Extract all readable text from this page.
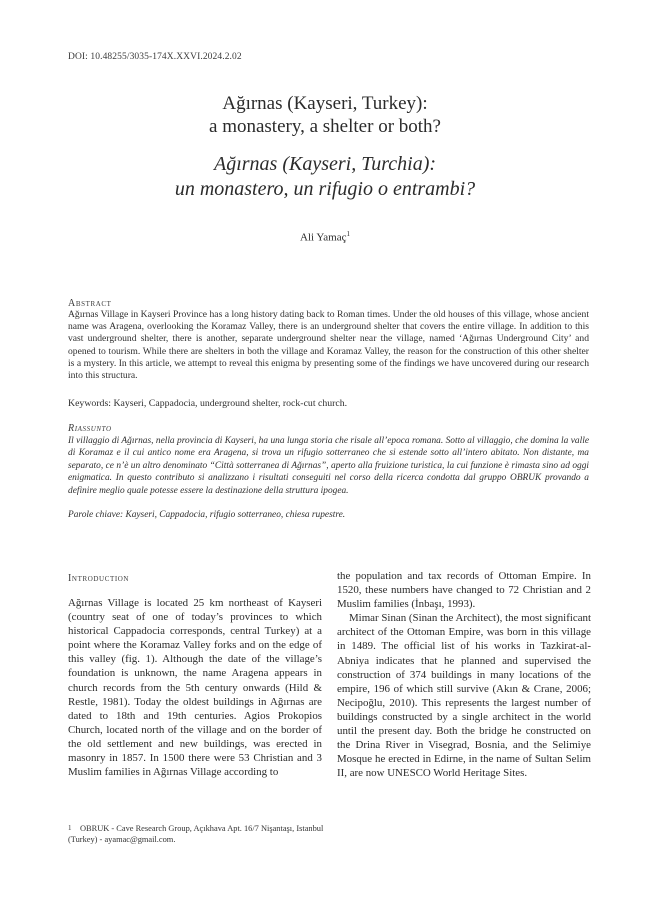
DOI: 10.48255/3035-174X.XXVI.2024.2.02
Ağırnas (Kayseri, Turkey):
a monastery, a shelter or both?
Ağırnas (Kayseri, Turchia):
un monastero, un rifugio o entrambi?
Ali Yamaç$^1$
Abstract
Ağırnas Village in Kayseri Province has a long history dating back to Roman times. Under the old houses of this village, whose ancient name was Aragena, overlooking the Koramaz Valley, there is an underground shelter that covers the entire village. In addition to this vast underground shelter, there is another, separate underground shelter near the village, named ‘Ağırnas Underground City’ and opened to tourism. While there are shelters in both the village and Koramaz Valley, the reason for the construction of this other shelter is a mystery. In this article, we attempt to reveal this enigma by presenting some of the findings we have uncovered during our research into this structura.
Keywords: Kayseri, Cappadocia, underground shelter, rock-cut church.
Riassunto
Il villaggio di Ağırnas, nella provincia di Kayseri, ha una lunga storia che risale all’epoca romana. Sotto al villaggio, che domina la valle di Koramaz e il cui antico nome era Aragena, si trova un rifugio sotterraneo che si estende sotto all’intero abitato. Non distante, ma separato, ce n’è un altro denominato “Città sotterranea di Ağırnas”, aperto alla fruizione turistica, la cui funzione è rimasta sino ad oggi enigmatica. In questo contributo si analizzano i risultati conseguiti nel corso della ricerca condotta dal gruppo OBRUK provando a definire meglio quale potesse essere la destinazione della struttura ipogea.
Parole chiave: Kayseri, Cappadocia, rifugio sotterraneo, chiesa rupestre.
Introduction

Ağırnas Village is located 25 km northeast of Kayseri (country seat of one of today’s provinces to which historical Cappadocia corresponds, central Turkey) at a point where the Koramaz Valley forks and on the edge of this valley (fig. 1). Although the date of the village’s foundation is unknown, the name Aragena appears in church records from the 5th century onwards (Hild & Restle, 1981). Today the oldest buildings in Ağırnas are dated to 18th and 19th centuries. Agios Prokopios Church, located north of the village and on the border of the old settlement and new buildings, was erected in masonry in 1857. In 1500 there were 53 Christian and 3 Muslim families in Ağırnas Village according to

the population and tax records of Ottoman Empire. In 1520, these numbers have changed to 72 Christian and 2 Muslim families (İnbaşı, 1993).

Mimar Sinan (Sinan the Architect), the most significant architect of the Ottoman Empire, was born in this village in 1489. The official list of his works in Tazkirat-al-Abniya indicates that he planned and supervised the construction of 374 buildings in many locations of the empire, 196 of which still survive (Akın & Crane, 2006; Necipoğlu, 2010). This represents the largest number of buildings constructed by a single architect in the world until the present day. Both the bridge he constructed on the Drina River in Visegrad, Bosnia, and the Selimiye Mosque he erected in Edirne, in the name of Sultan Selim II, are now UNESCO World Heritage Sites.

1 OBRUK - Cave Research Group, Açıkhava Apt. 16/7 Nişantaşı, Istanbul (Turkey) - ayamac@gmail.com.
